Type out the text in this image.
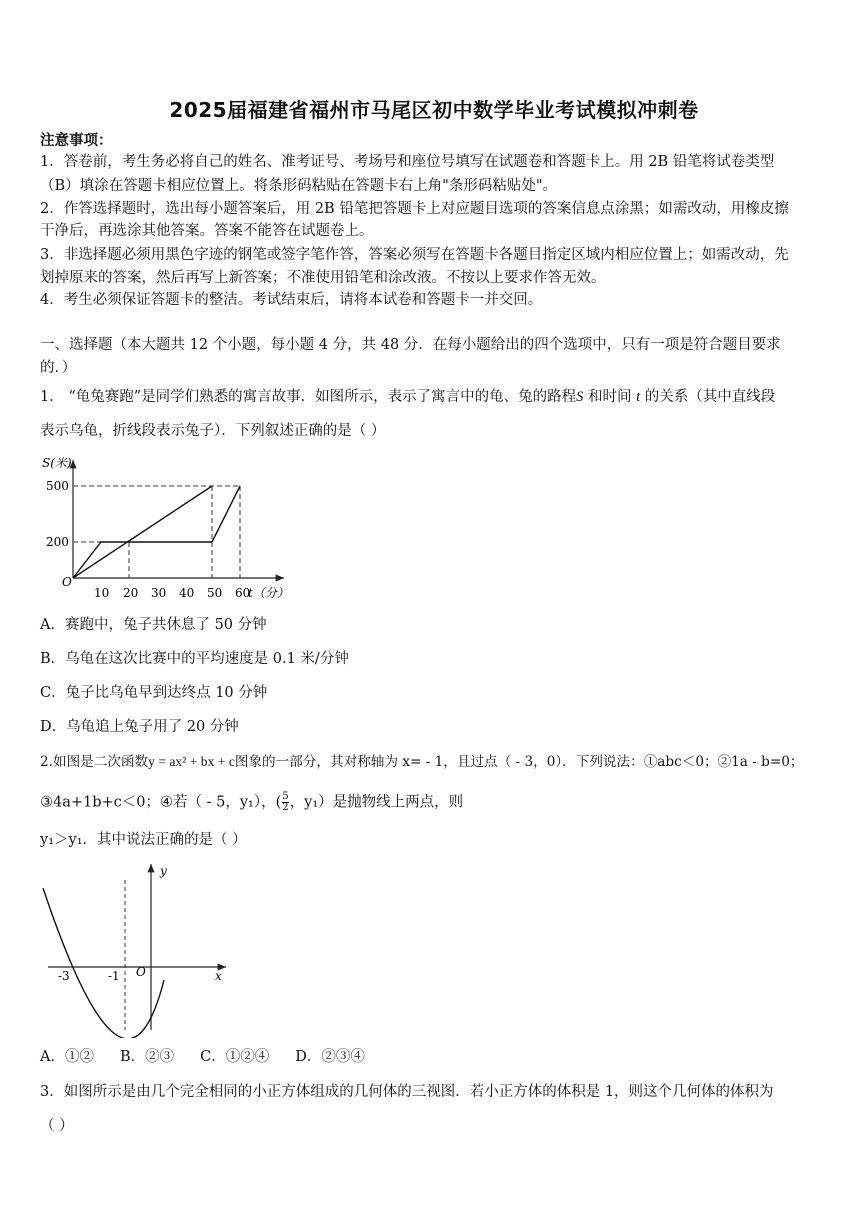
2025届福建省福州市马尾区初中数学毕业考试模拟冲刺卷
注意事项：
1．答卷前，考生务必将自己的姓名、准考证号、考场号和座位号填写在试题卷和答题卡上。用 2B 铅笔将试卷类型
（B）填涂在答题卡相应位置上。将条形码粘贴在答题卡右上角"条形码粘贴处"。
2．作答选择题时，选出每小题答案后，用 2B 铅笔把答题卡上对应题目选项的答案信息点涂黑；如需改动，用橡皮擦
干净后，再选涂其他答案。答案不能答在试题卷上。
3．非选择题必须用黑色字迹的钢笔或签字笔作答，答案必须写在答题卡各题目指定区域内相应位置上；如需改动，先
划掉原来的答案，然后再写上新答案；不准使用铅笔和涂改液。不按以上要求作答无效。
4．考生必须保证答题卡的整洁。考试结束后，请将本试卷和答题卡一并交回。
一、选择题（本大题共 12 个小题，每小题 4 分，共 48 分．在每小题给出的四个选项中，只有一项是符合题目要求
的．）
1． “龟兔赛跑”是同学们熟悉的寓言故事．如图所示，表示了寓言中的龟、兔的路程S 和时间 t 的关系（其中直线段
表示乌龟，折线段表示兔子）．下列叙述正确的是（ ）
S(米)
t（分）
O
500
200
10 20 30 40 50 60
A．赛跑中，兔子共休息了 50 分钟
B．乌龟在这次比赛中的平均速度是 0.1 米/分钟
C．兔子比乌龟早到达终点 10 分钟
D．乌龟追上兔子用了 20 分钟
2.如图是二次函数y = ax² + bx + c图象的一部分，其对称轴为 x= - 1，且过点（ - 3，0）．下列说法：①abc＜0；②1a - b=0；
③4a+1b+c＜0；④若（ - 5，y₁），( $\frac{5}{2}$ ，y₁）是抛物线上两点，则
y₁＞y₁．其中说法正确的是（ ）
y
x
O
-3	-1
A．①② B．②③ C．①②④ D．②③④
3．如图所示是由几个完全相同的小正方体组成的几何体的三视图．若小正方体的体积是 1，则这个几何体的体积为
（ ）
